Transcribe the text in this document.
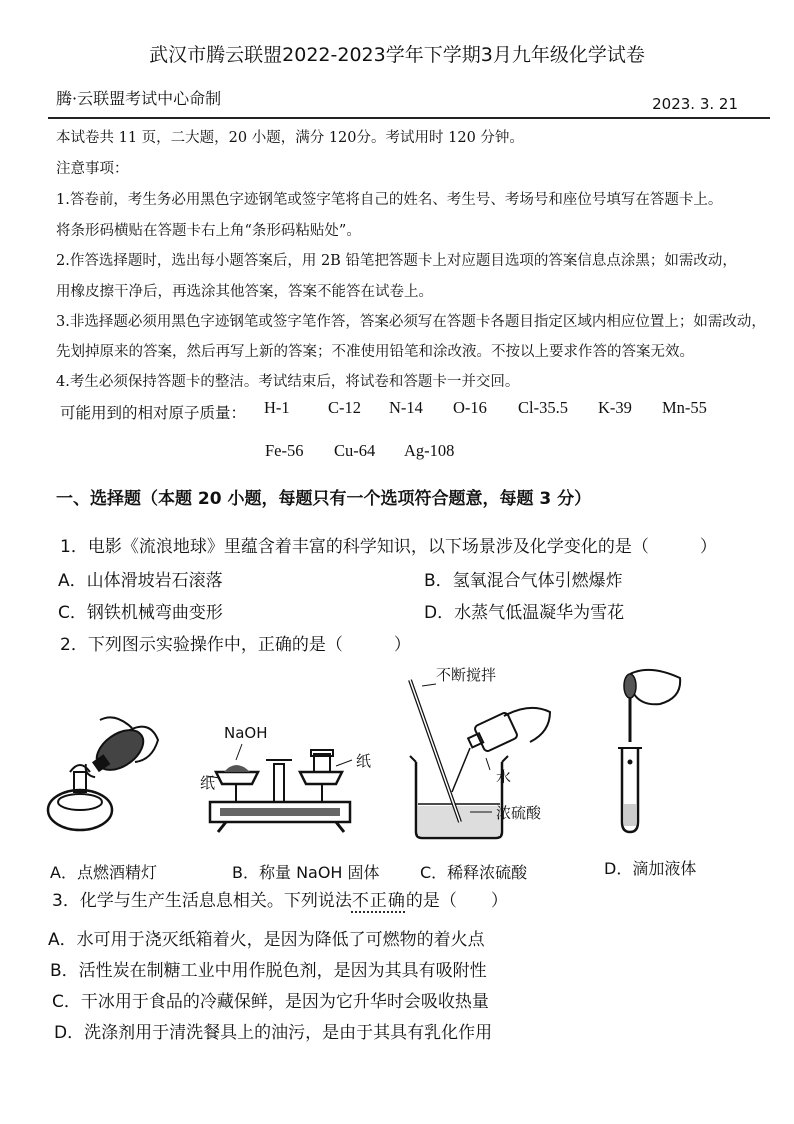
武汉市腾云联盟2022-2023学年下学期3月九年级化学试卷
腾·云联盟考试中心命制	2023. 3. 21
本试卷共 11 页，二大题，20 小题，满分 120分。考试用时 120 分钟。
注意事项：
1.答卷前，考生务必用黑色字迹钢笔或签字笔将自己的姓名、考生号、考场号和座位号填写在答题卡上。
将条形码横贴在答题卡右上角“条形码粘贴处”。
2.作答选择题时，选出每小题答案后，用 2B 铅笔把答题卡上对应题目选项的答案信息点涂黑；如需改动，
用橡皮擦干净后，再选涂其他答案，答案不能答在试卷上。
3.非选择题必须用黑色字迹钢笔或签字笔作答，答案必须写在答题卡各题目指定区域内相应位置上；如需改动，
先划掉原来的答案，然后再写上新的答案；不准使用铅笔和涂改液。不按以上要求作答的答案无效。
4.考生必须保持答题卡的整洁。考试结束后，将试卷和答题卡一并交回。
可能用到的相对原子质量： H-1 C-12 N-14 O-16 Cl-35.5 K-39 Mn-55
Fe-56 Cu-64 Ag-108
一、选择题（本题 20 小题，每题只有一个选项符合题意，每题 3 分）
1．电影《流浪地球》里蕴含着丰富的科学知识，以下场景涉及化学变化的是（　　　）
A．山体滑坡岩石滚落	B．氢氧混合气体引燃爆炸
C．钢铁机械弯曲变形	D．水蒸气低温凝华为雪花
2．下列图示实验操作中，正确的是（　　　）
NaOH
纸
纸
不断搅拌
水
浓硫酸
A．点燃酒精灯	B．称量 NaOH 固体	C．稀释浓硫酸	D．滴加液体
3．化学与生产生活息息相关。下列说法不正确的是（　　）
A．水可用于浇灭纸箱着火，是因为降低了可燃物的着火点
B．活性炭在制糖工业中用作脱色剂，是因为其具有吸附性
C．干冰用于食品的冷藏保鲜，是因为它升华时会吸收热量
D．洗涤剂用于清洗餐具上的油污，是由于其具有乳化作用
